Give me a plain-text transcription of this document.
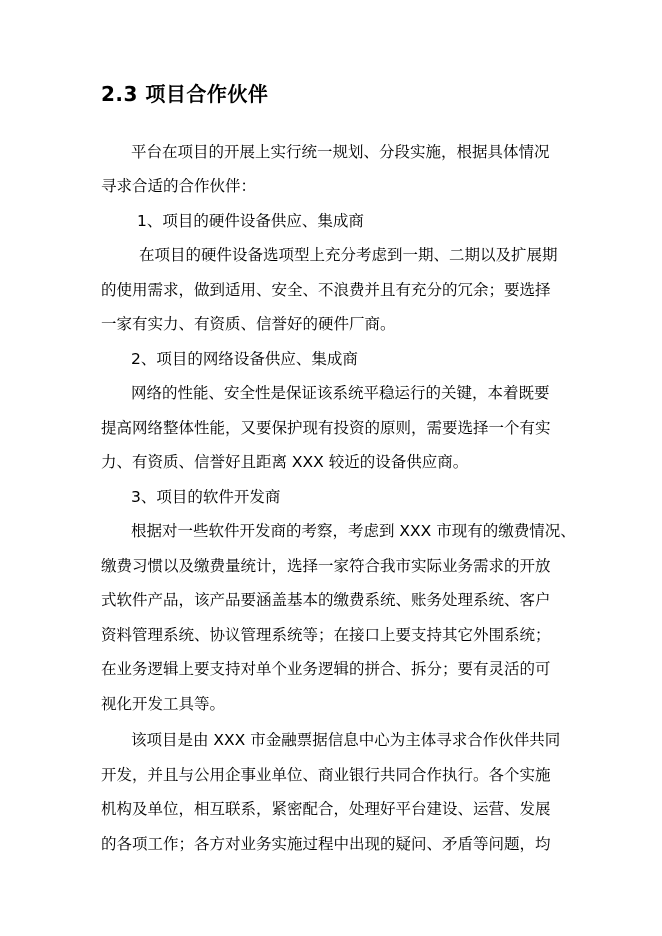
2.3 项目合作伙伴
平台在项目的开展上实行统一规划、分段实施，根据具体情况
寻求合适的合作伙伴：
1、项目的硬件设备供应、集成商
在项目的硬件设备选项型上充分考虑到一期、二期以及扩展期
的使用需求，做到适用、安全、不浪费并且有充分的冗余；要选择
一家有实力、有资质、信誉好的硬件厂商。
2、项目的网络设备供应、集成商
网络的性能、安全性是保证该系统平稳运行的关键，本着既要
提高网络整体性能，又要保护现有投资的原则，需要选择一个有实
力、有资质、信誉好且距离 XXX 较近的设备供应商。
3、项目的软件开发商
根据对一些软件开发商的考察，考虑到 XXX 市现有的缴费情况、
缴费习惯以及缴费量统计，选择一家符合我市实际业务需求的开放
式软件产品，该产品要涵盖基本的缴费系统、账务处理系统、客户
资料管理系统、协议管理系统等；在接口上要支持其它外围系统；
在业务逻辑上要支持对单个业务逻辑的拼合、拆分；要有灵活的可
视化开发工具等。
该项目是由 XXX 市金融票据信息中心为主体寻求合作伙伴共同
开发，并且与公用企事业单位、商业银行共同合作执行。各个实施
机构及单位，相互联系，紧密配合，处理好平台建设、运营、发展
的各项工作；各方对业务实施过程中出现的疑问、矛盾等问题，均
